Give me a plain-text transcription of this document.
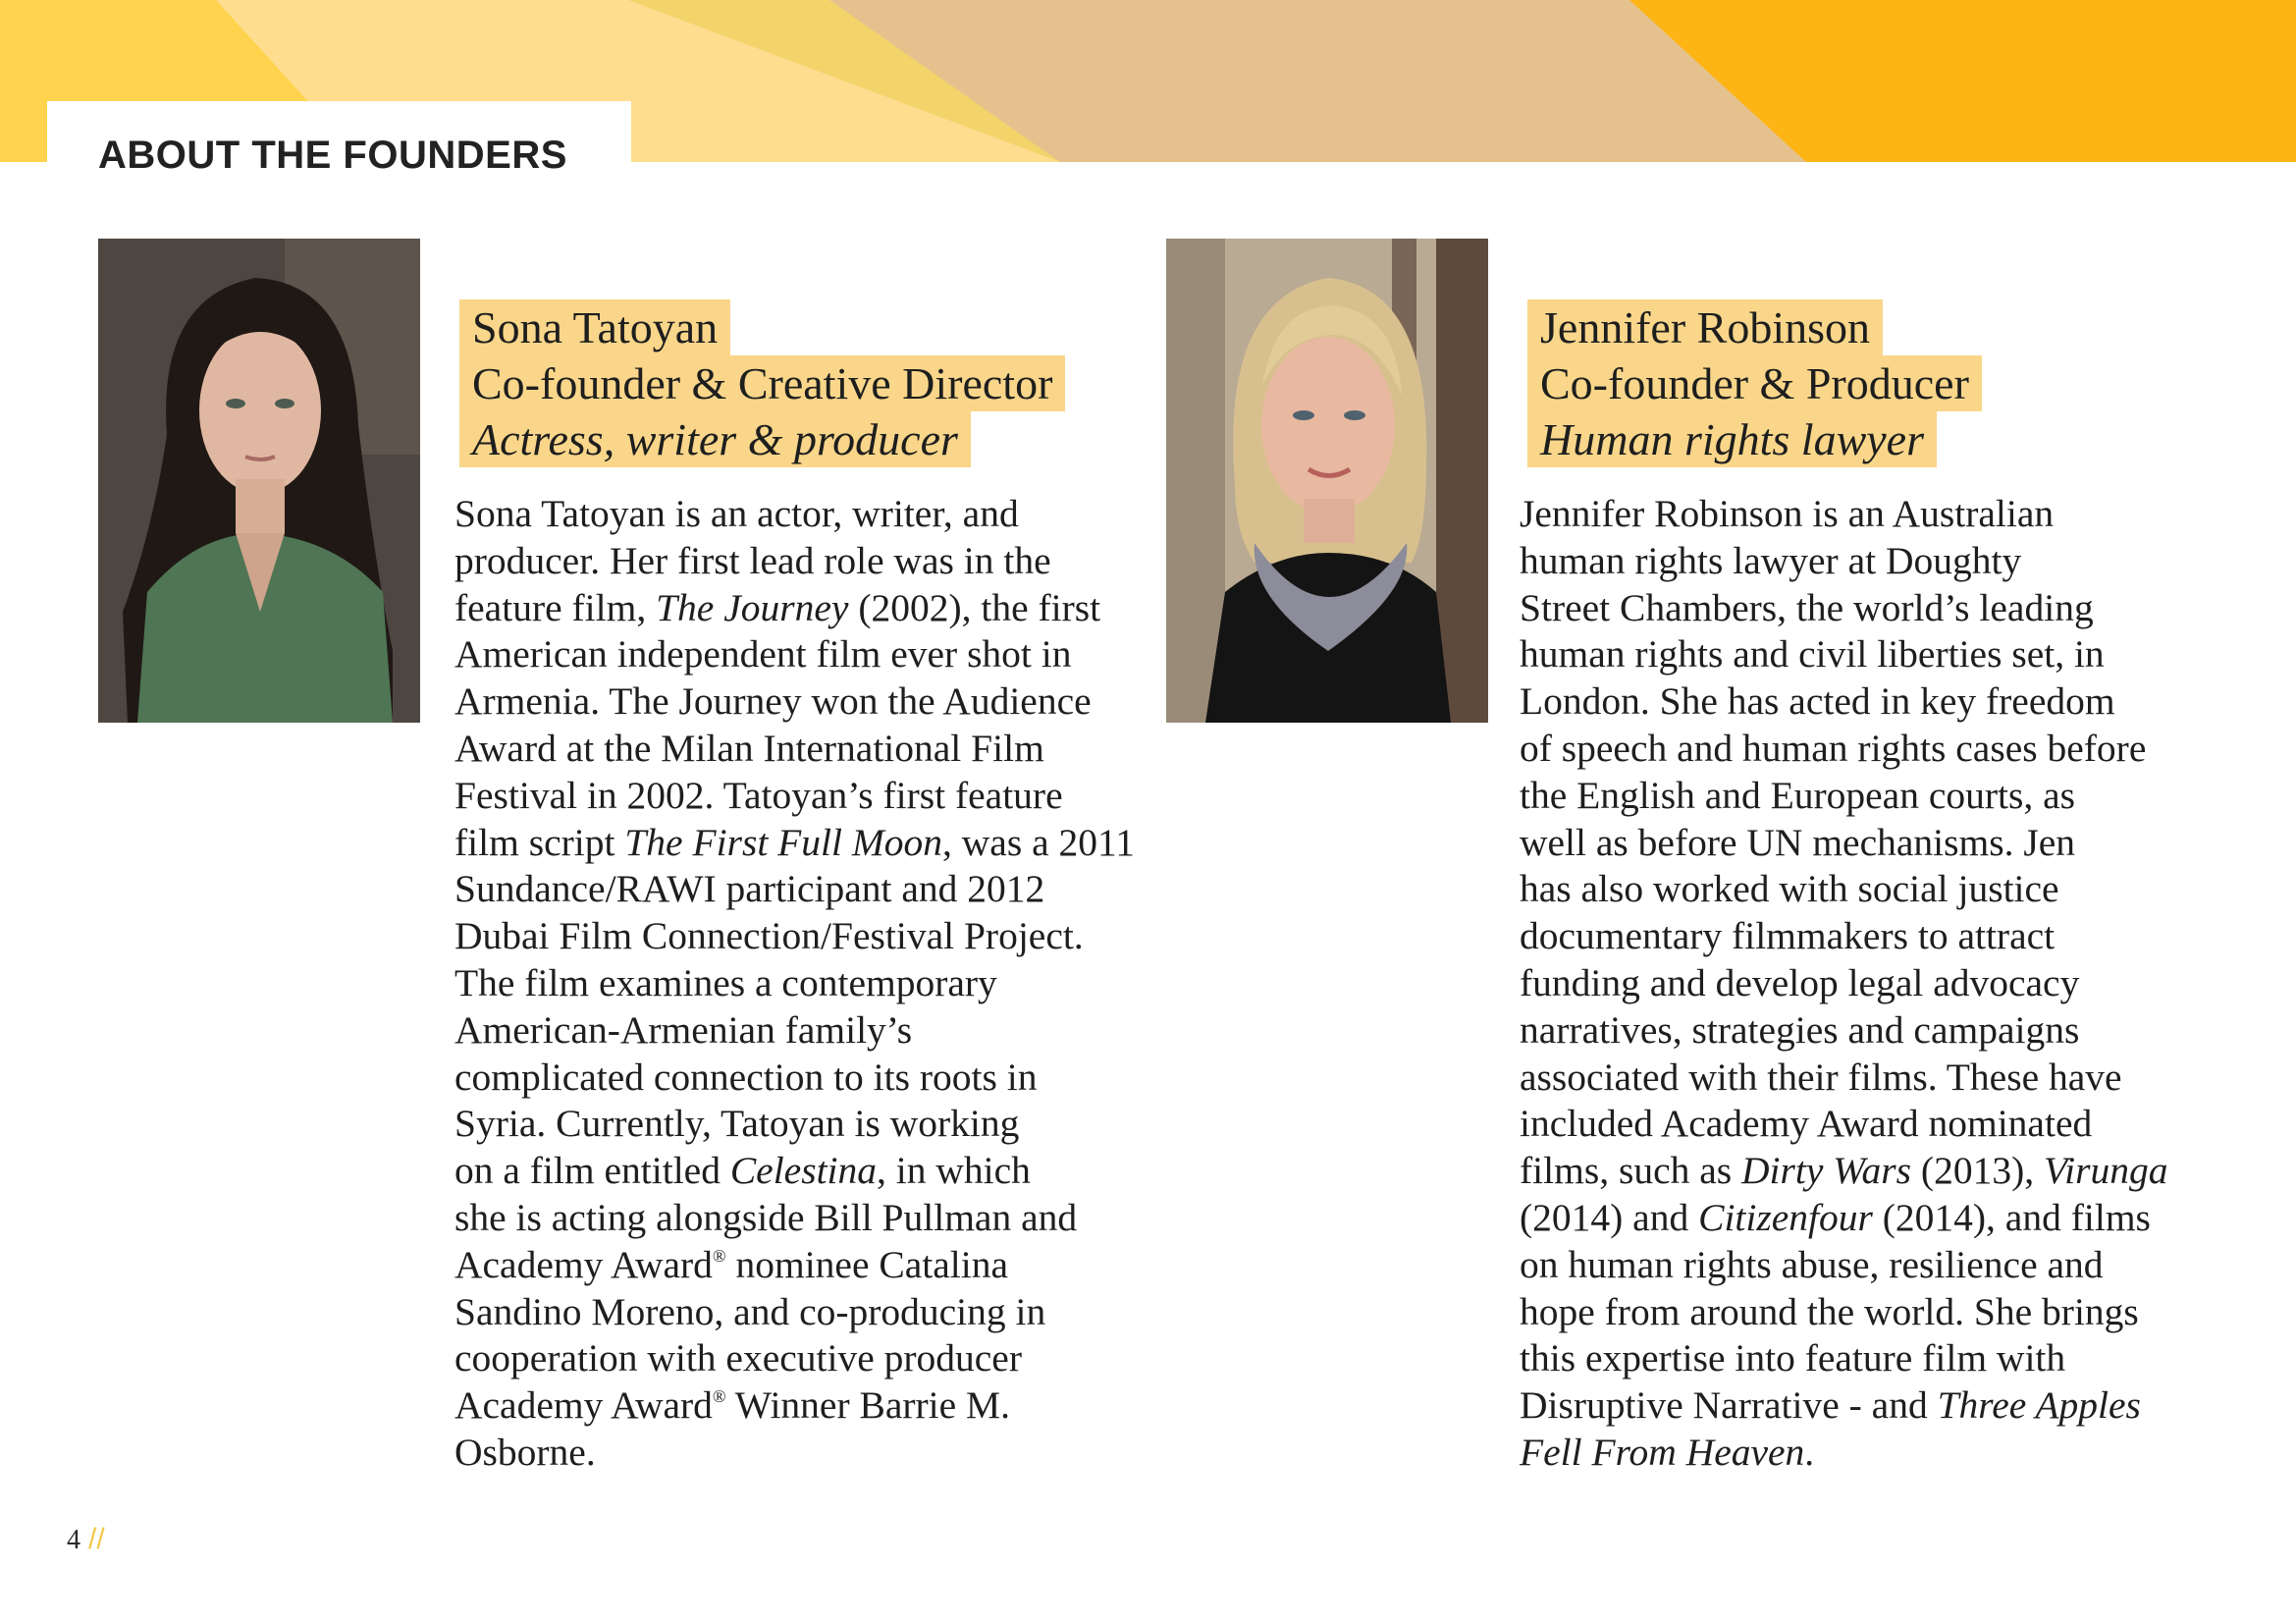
ABOUT THE FOUNDERS
Sona Tatoyan
Co-founder & Creative Director
Actress, writer & producer
Jennifer Robinson
Co-founder & Producer
Human rights lawyer
Sona Tatoyan is an actor, writer, and
producer. Her first lead role was in the
feature film, The Journey (2002), the first
American independent film ever shot in
Armenia. The Journey won the Audience
Award at the Milan International Film
Festival in 2002. Tatoyan’s first feature
film script The First Full Moon, was a 2011
Sundance/RAWI participant and 2012
Dubai Film Connection/Festival Project.
The film examines a contemporary
American-Armenian family’s
complicated connection to its roots in
Syria. Currently, Tatoyan is working
on a film entitled Celestina, in which
she is acting alongside Bill Pullman and
Academy Award® nominee Catalina
Sandino Moreno, and co-producing in
cooperation with executive producer
Academy Award® Winner Barrie M.
Osborne.
Jennifer Robinson is an Australian
human rights lawyer at Doughty
Street Chambers, the world’s leading
human rights and civil liberties set, in
London. She has acted in key freedom
of speech and human rights cases before
the English and European courts, as
well as before UN mechanisms. Jen
has also worked with social justice
documentary filmmakers to attract
funding and develop legal advocacy
narratives, strategies and campaigns
associated with their films. These have
included Academy Award nominated
films, such as Dirty Wars (2013), Virunga
(2014) and Citizenfour (2014), and films
on human rights abuse, resilience and
hope from around the world. She brings
this expertise into feature film with
Disruptive Narrative - and Three Apples
Fell From Heaven.
4 //
